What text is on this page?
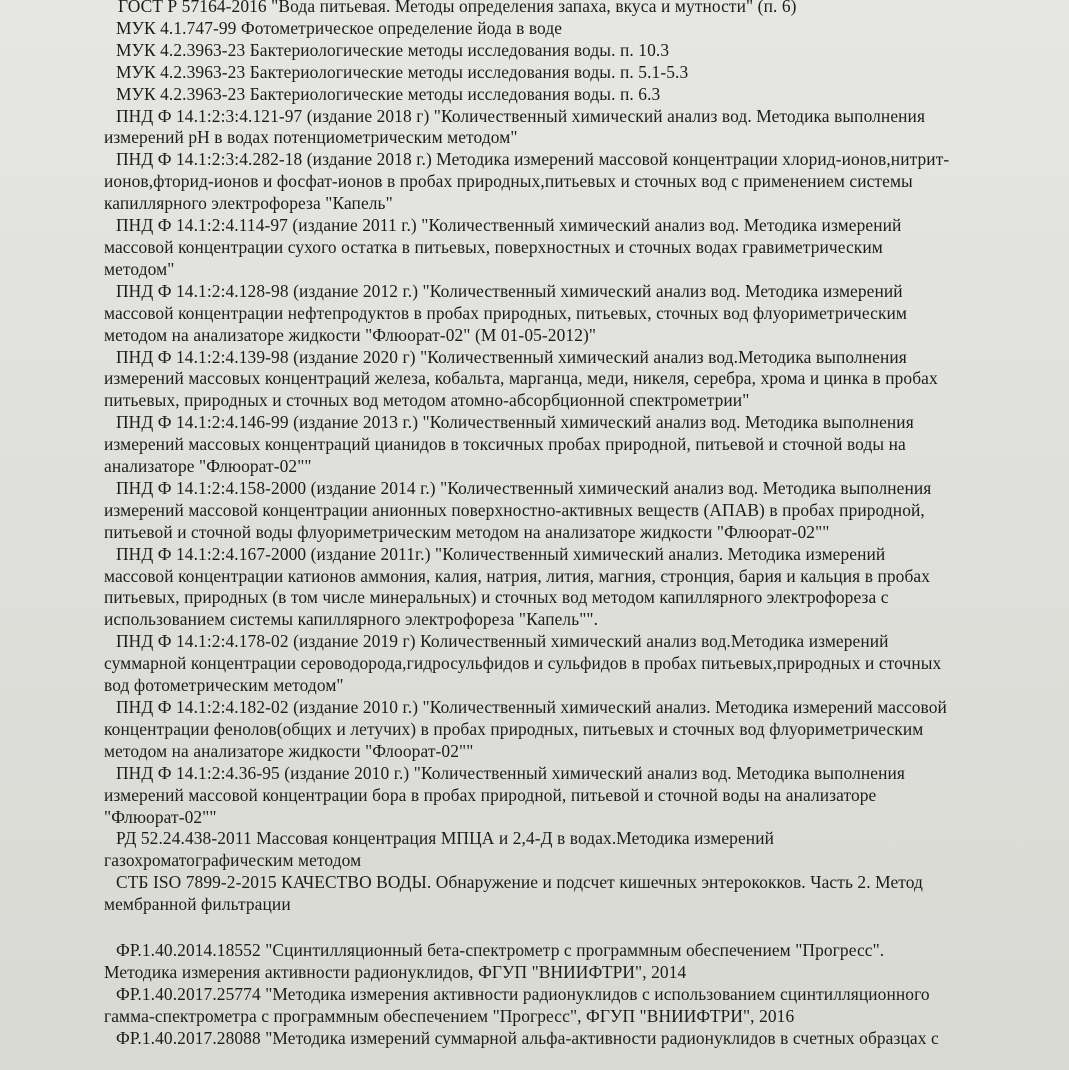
ГОСТ Р 57164-2016 "Вода питьевая. Методы определения запаха, вкуса и мутности" (п. 6)

МУК 4.1.747-99 Фотометрическое определение йода в воде

МУК 4.2.3963-23 Бактериологические методы исследования воды. п. 10.3

МУК 4.2.3963-23 Бактериологические методы исследования воды. п. 5.1-5.3

МУК 4.2.3963-23 Бактериологические методы исследования воды. п. 6.3

ПНД Ф 14.1:2:3:4.121-97 (издание 2018 г) "Количественный химический анализ вод. Методика выполнения
измерений рН в водах потенциометрическим методом"

ПНД Ф 14.1:2:3:4.282-18 (издание 2018 г.) Методика измерений массовой концентрации хлорид-ионов,нитрит-
ионов,фторид-ионов и фосфат-ионов в пробах природных,питьевых и сточных вод с применением системы
капиллярного электрофореза "Капель"

ПНД Ф 14.1:2:4.114-97 (издание 2011 г.) "Количественный химический анализ вод. Методика измерений
массовой концентрации сухого остатка в питьевых, поверхностных и сточных водах гравиметрическим
методом"

ПНД Ф 14.1:2:4.128-98 (издание 2012 г.) "Количественный химический анализ вод. Методика измерений
массовой концентрации нефтепродуктов в пробах природных, питьевых, сточных вод флуориметрическим
методом на анализаторе жидкости "Флюорат-02" (М 01-05-2012)"

ПНД Ф 14.1:2:4.139-98 (издание 2020 г) "Количественный химический анализ вод.Методика выполнения
измерений массовых концентраций железа, кобальта, марганца, меди, никеля, серебра, хрома и цинка в пробах
питьевых, природных и сточных вод методом атомно-абсорбционной спектрометрии"

ПНД Ф 14.1:2:4.146-99 (издание 2013 г.) "Количественный химический анализ вод. Методика выполнения
измерений массовых концентраций цианидов в токсичных пробах природной, питьевой и сточной воды на
анализаторе "Флюорат-02""

ПНД Ф 14.1:2:4.158-2000 (издание 2014 г.) "Количественный химический анализ вод. Методика выполнения
измерений массовой концентрации анионных поверхностно-активных веществ (АПАВ) в пробах природной,
питьевой и сточной воды флуориметрическим методом на анализаторе жидкости "Флюорат-02""

ПНД Ф 14.1:2:4.167-2000 (издание 2011г.) "Количественный химический анализ. Методика измерений
массовой концентрации катионов аммония, калия, натрия, лития, магния, стронция, бария и кальция в пробах
питьевых, природных (в том числе минеральных) и сточных вод методом капиллярного электрофореза с
использованием системы капиллярного электрофореза "Капель"".

ПНД Ф 14.1:2:4.178-02 (издание 2019 г) Количественный химический анализ вод.Методика измерений
суммарной концентрации сероводорода,гидросульфидов и сульфидов в пробах питьевых,природных и сточных
вод фотометрическим методом"

ПНД Ф 14.1:2:4.182-02 (издание 2010 г.) "Количественный химический анализ. Методика измерений массовой
концентрации фенолов(общих и летучих) в пробах природных, питьевых и сточных вод флуориметрическим
методом на анализаторе жидкости "Флоорат-02""

ПНД Ф 14.1:2:4.36-95 (издание 2010 г.) "Количественный химический анализ вод. Методика выполнения
измерений массовой концентрации бора в пробах природной, питьевой и сточной воды на анализаторе
"Флюорат-02""

РД 52.24.438-2011 Массовая концентрация МПЦА и 2,4-Д в водах.Методика измерений
газохроматографическим методом

СТБ ISO 7899-2-2015 КАЧЕСТВО ВОДЫ. Обнаружение и подсчет кишечных энтерококков. Часть 2. Метод
мембранной фильтрации

ФР.1.40.2014.18552 "Сцинтилляционный бета-спектрометр с программным обеспечением "Прогресс".
Методика измерения активности радионуклидов, ФГУП "ВНИИФТРИ", 2014

ФР.1.40.2017.25774 "Методика измерения активности радионуклидов с использованием сцинтилляционного
гамма-спектрометра с программным обеспечением "Прогресс", ФГУП "ВНИИФТРИ", 2016

ФР.1.40.2017.28088 "Методика измерений суммарной альфа-активности радионуклидов в счетных образцах с
